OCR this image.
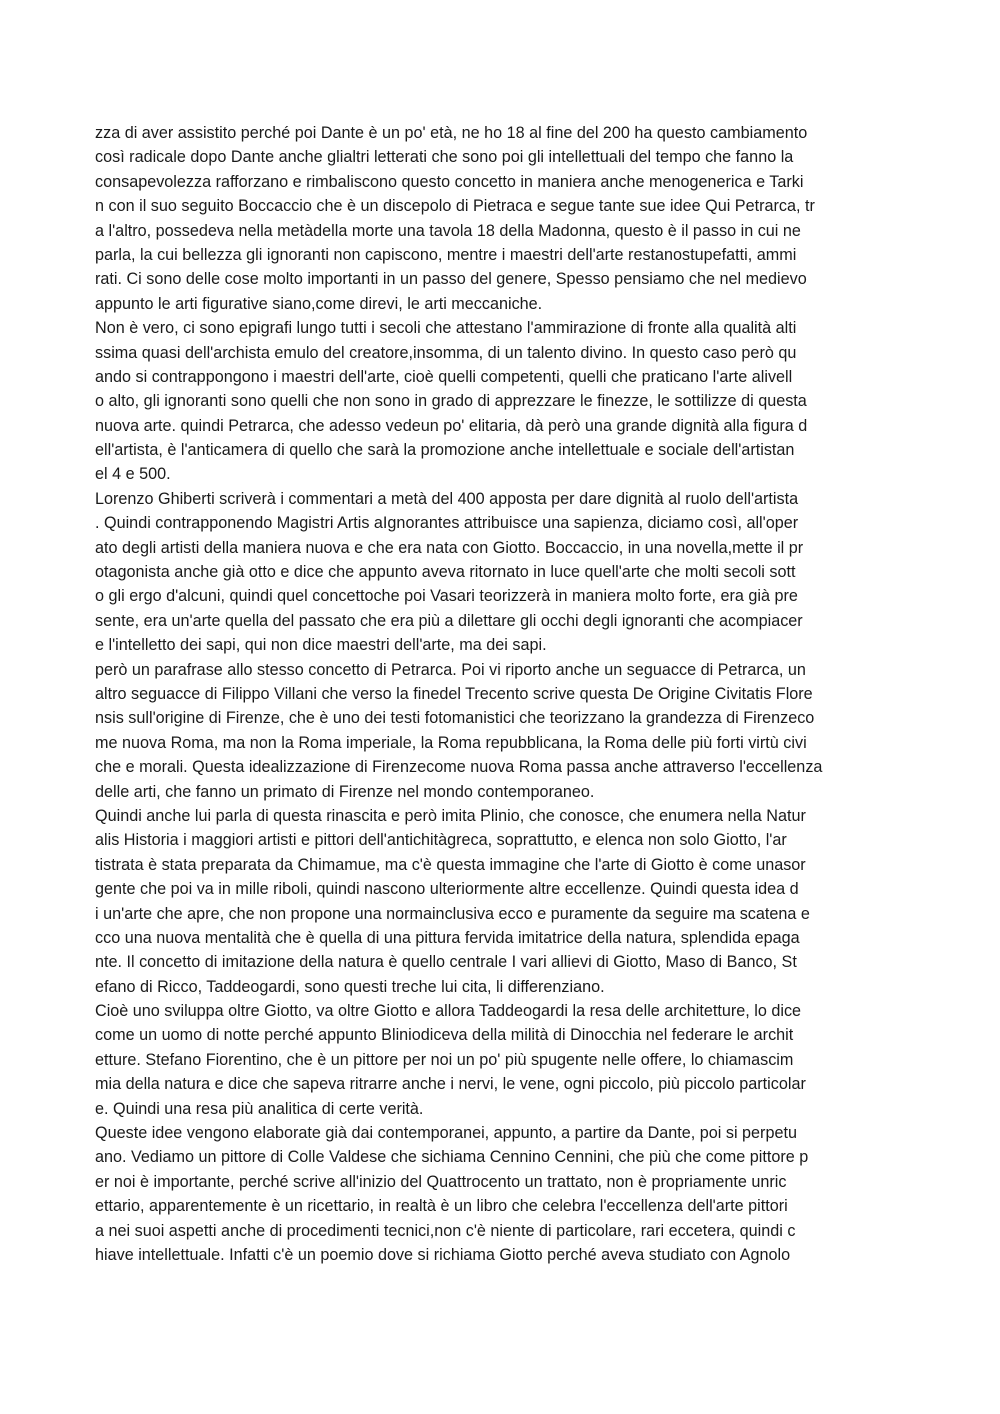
zza di aver assistito perché poi Dante è un po' età, ne ho 18 al fine del 200 ha questo cambiamento
così radicale dopo Dante anche glialtri letterati che sono poi gli intellettuali del tempo che fanno la
consapevolezza rafforzano e rimbaliscono questo concetto in maniera anche menogenerica e Tarki
n con il suo seguito Boccaccio che è un discepolo di Pietraca e segue tante sue idee Qui Petrarca, tr
a l'altro, possedeva nella metàdella morte una tavola 18 della Madonna, questo è il passo in cui ne
parla, la cui bellezza gli ignoranti non capiscono, mentre i maestri dell'arte restanostupefatti, ammi
rati. Ci sono delle cose molto importanti in un passo del genere, Spesso pensiamo che nel medievo
appunto le arti figurative siano,come direvi, le arti meccaniche.
Non è vero, ci sono epigrafi lungo tutti i secoli che attestano l'ammirazione di fronte alla qualità alti
ssima quasi dell'archista emulo del creatore,insomma, di un talento divino. In questo caso però qu
ando si contrappongono i maestri dell'arte, cioè quelli competenti, quelli che praticano l'arte alivell
o alto, gli ignoranti sono quelli che non sono in grado di apprezzare le finezze, le sottilizze di questa
nuova arte. quindi Petrarca, che adesso vedeun po' elitaria, dà però una grande dignità alla figura d
ell'artista, è l'anticamera di quello che sarà la promozione anche intellettuale e sociale dell'artistan
el 4 e 500.
Lorenzo Ghiberti scriverà i commentari a metà del 400 apposta per dare dignità al ruolo dell'artista
. Quindi contrapponendo Magistri Artis aIgnorantes attribuisce una sapienza, diciamo così, all'oper
ato degli artisti della maniera nuova e che era nata con Giotto. Boccaccio, in una novella,mette il pr
otagonista anche già otto e dice che appunto aveva ritornato in luce quell'arte che molti secoli sott
o gli ergo d'alcuni, quindi quel concettoche poi Vasari teorizzerà in maniera molto forte, era già pre
sente, era un'arte quella del passato che era più a dilettare gli occhi degli ignoranti che acompiacer
e l'intelletto dei sapi, qui non dice maestri dell'arte, ma dei sapi.
però un parafrase allo stesso concetto di Petrarca. Poi vi riporto anche un seguacce di Petrarca, un
altro seguacce di Filippo Villani che verso la finedel Trecento scrive questa De Origine Civitatis Flore
nsis sull'origine di Firenze, che è uno dei testi fotomanistici che teorizzano la grandezza di Firenzeco
me nuova Roma, ma non la Roma imperiale, la Roma repubblicana, la Roma delle più forti virtù civi
che e morali. Questa idealizzazione di Firenzecome nuova Roma passa anche attraverso l'eccellenza
delle arti, che fanno un primato di Firenze nel mondo contemporaneo.
Quindi anche lui parla di questa rinascita e però imita Plinio, che conosce, che enumera nella Natur
alis Historia i maggiori artisti e pittori dell'antichitàgreca, soprattutto, e elenca non solo Giotto, l'ar
tistrata è stata preparata da Chimamue, ma c'è questa immagine che l'arte di Giotto è come unasor
gente che poi va in mille riboli, quindi nascono ulteriormente altre eccellenze. Quindi questa idea d
i un'arte che apre, che non propone una normainclusiva ecco e puramente da seguire ma scatena e
cco una nuova mentalità che è quella di una pittura fervida imitatrice della natura, splendida epaga
nte. Il concetto di imitazione della natura è quello centrale I vari allievi di Giotto, Maso di Banco, St
efano di Ricco, Taddeogardi, sono questi treche lui cita, li differenziano.
Cioè uno sviluppa oltre Giotto, va oltre Giotto e allora Taddeogardi la resa delle architetture, lo dice
come un uomo di notte perché appunto Bliniodiceva della milità di Dinocchia nel federare le archit
etture. Stefano Fiorentino, che è un pittore per noi un po' più spugente nelle offere, lo chiamascim
mia della natura e dice che sapeva ritrarre anche i nervi, le vene, ogni piccolo, più piccolo particolar
e. Quindi una resa più analitica di certe verità.
Queste idee vengono elaborate già dai contemporanei, appunto, a partire da Dante, poi si perpetu
ano. Vediamo un pittore di Colle Valdese che sichiama Cennino Cennini, che più che come pittore p
er noi è importante, perché scrive all'inizio del Quattrocento un trattato, non è propriamente unric
ettario, apparentemente è un ricettario, in realtà è un libro che celebra l'eccellenza dell'arte pittori
a nei suoi aspetti anche di procedimenti tecnici,non c'è niente di particolare, rari eccetera, quindi c
hiave intellettuale. Infatti c'è un poemio dove si richiama Giotto perché aveva studiato con Agnolo
